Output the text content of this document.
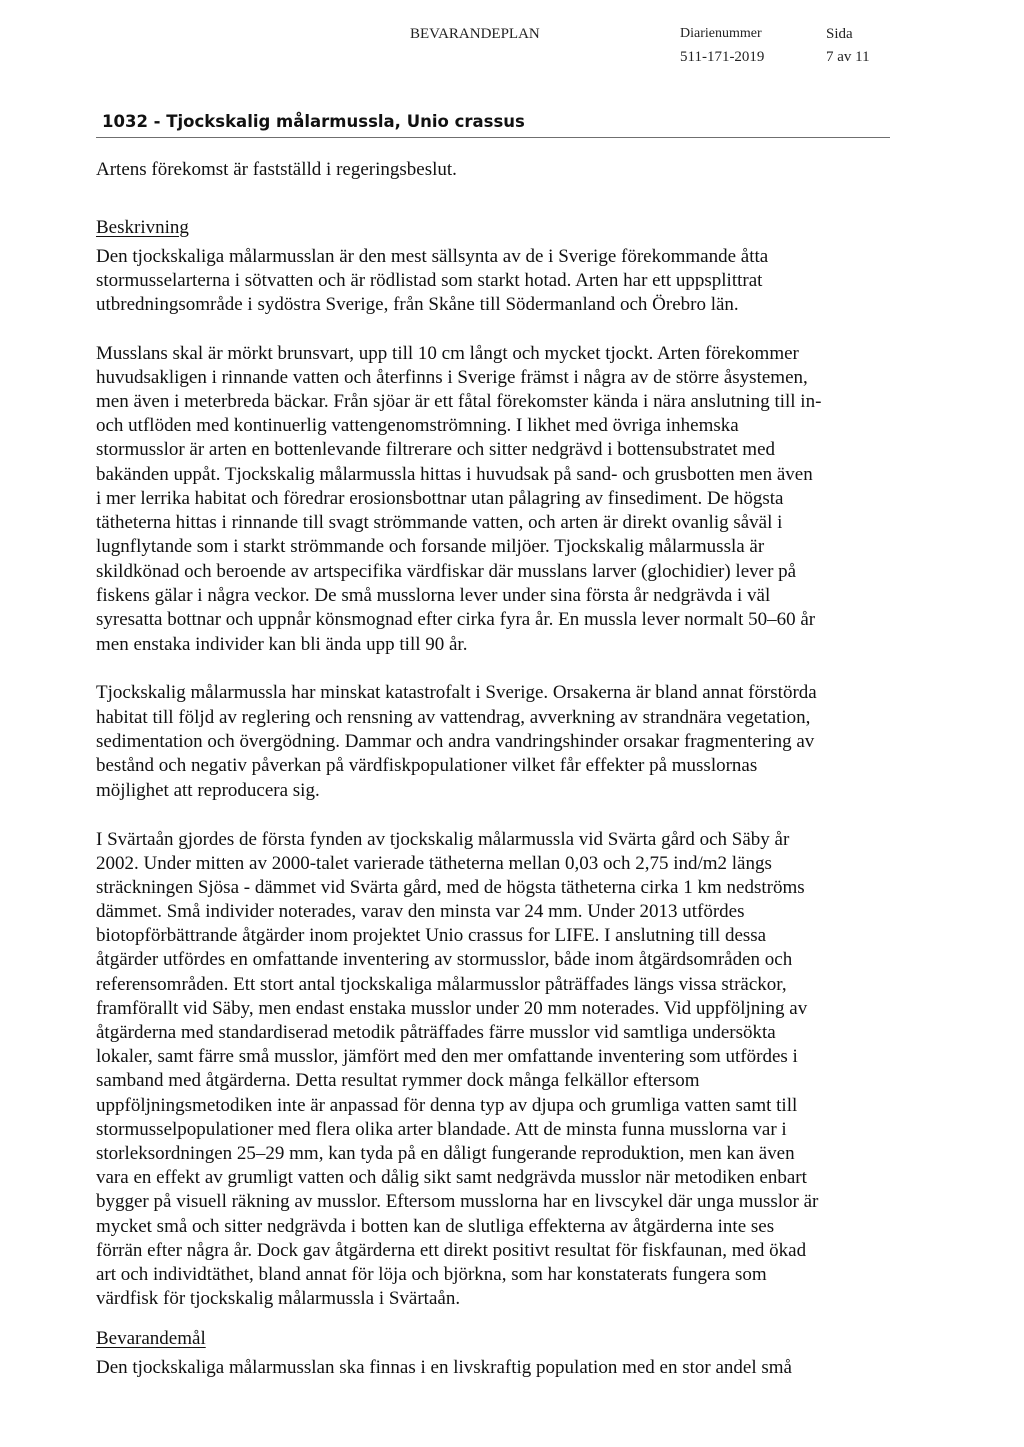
BEVARANDEPLAN	Diarienummer
511-171-2019
Sida
7 av 11
1032 - Tjockskalig målarmussla, Unio crassus
Artens förekomst är fastställd i regeringsbeslut.
Beskrivning
Den tjockskaliga målarmusslan är den mest sällsynta av de i Sverige förekommande åtta
stormusselarterna i sötvatten och är rödlistad som starkt hotad. Arten har ett uppsplittrat
utbredningsområde i sydöstra Sverige, från Skåne till Södermanland och Örebro län.
Musslans skal är mörkt brunsvart, upp till 10 cm långt och mycket tjockt. Arten förekommer
huvudsakligen i rinnande vatten och återfinns i Sverige främst i några av de större åsystemen,
men även i meterbreda bäckar. Från sjöar är ett fåtal förekomster kända i nära anslutning till in-
och utflöden med kontinuerlig vattengenomströmning. I likhet med övriga inhemska
stormusslor är arten en bottenlevande filtrerare och sitter nedgrävd i bottensubstratet med
bakänden uppåt. Tjockskalig målarmussla hittas i huvudsak på sand- och grusbotten men även
i mer lerrika habitat och föredrar erosionsbottnar utan pålagring av finsediment. De högsta
tätheterna hittas i rinnande till svagt strömmande vatten, och arten är direkt ovanlig såväl i
lugnflytande som i starkt strömmande och forsande miljöer. Tjockskalig målarmussla är
skildkönad och beroende av artspecifika värdfiskar där musslans larver (glochidier) lever på
fiskens gälar i några veckor. De små musslorna lever under sina första år nedgrävda i väl
syresatta bottnar och uppnår könsmognad efter cirka fyra år. En mussla lever normalt 50–60 år
men enstaka individer kan bli ända upp till 90 år.
Tjockskalig målarmussla har minskat katastrofalt i Sverige. Orsakerna är bland annat förstörda
habitat till följd av reglering och rensning av vattendrag, avverkning av strandnära vegetation,
sedimentation och övergödning. Dammar och andra vandringshinder orsakar fragmentering av
bestånd och negativ påverkan på värdfiskpopulationer vilket får effekter på musslornas
möjlighet att reproducera sig.
I Svärtaån gjordes de första fynden av tjockskalig målarmussla vid Svärta gård och Säby år
2002. Under mitten av 2000-talet varierade tätheterna mellan 0,03 och 2,75 ind/m2 längs
sträckningen Sjösa - dämmet vid Svärta gård, med de högsta tätheterna cirka 1 km nedströms
dämmet. Små individer noterades, varav den minsta var 24 mm. Under 2013 utfördes
biotopförbättrande åtgärder inom projektet Unio crassus for LIFE. I anslutning till dessa
åtgärder utfördes en omfattande inventering av stormusslor, både inom åtgärdsområden och
referensområden. Ett stort antal tjockskaliga målarmusslor påträffades längs vissa sträckor,
framförallt vid Säby, men endast enstaka musslor under 20 mm noterades. Vid uppföljning av
åtgärderna med standardiserad metodik påträffades färre musslor vid samtliga undersökta
lokaler, samt färre små musslor, jämfört med den mer omfattande inventering som utfördes i
samband med åtgärderna. Detta resultat rymmer dock många felkällor eftersom
uppföljningsmetodiken inte är anpassad för denna typ av djupa och grumliga vatten samt till
stormusselpopulationer med flera olika arter blandade. Att de minsta funna musslorna var i
storleksordningen 25–29 mm, kan tyda på en dåligt fungerande reproduktion, men kan även
vara en effekt av grumligt vatten och dålig sikt samt nedgrävda musslor när metodiken enbart
bygger på visuell räkning av musslor. Eftersom musslorna har en livscykel där unga musslor är
mycket små och sitter nedgrävda i botten kan de slutliga effekterna av åtgärderna inte ses
förrän efter några år. Dock gav åtgärderna ett direkt positivt resultat för fiskfaunan, med ökad
art och individtäthet, bland annat för löja och björkna, som har konstaterats fungera som
värdfisk för tjockskalig målarmussla i Svärtaån.
Bevarandemål
Den tjockskaliga målarmusslan ska finnas i en livskraftig population med en stor andel små
